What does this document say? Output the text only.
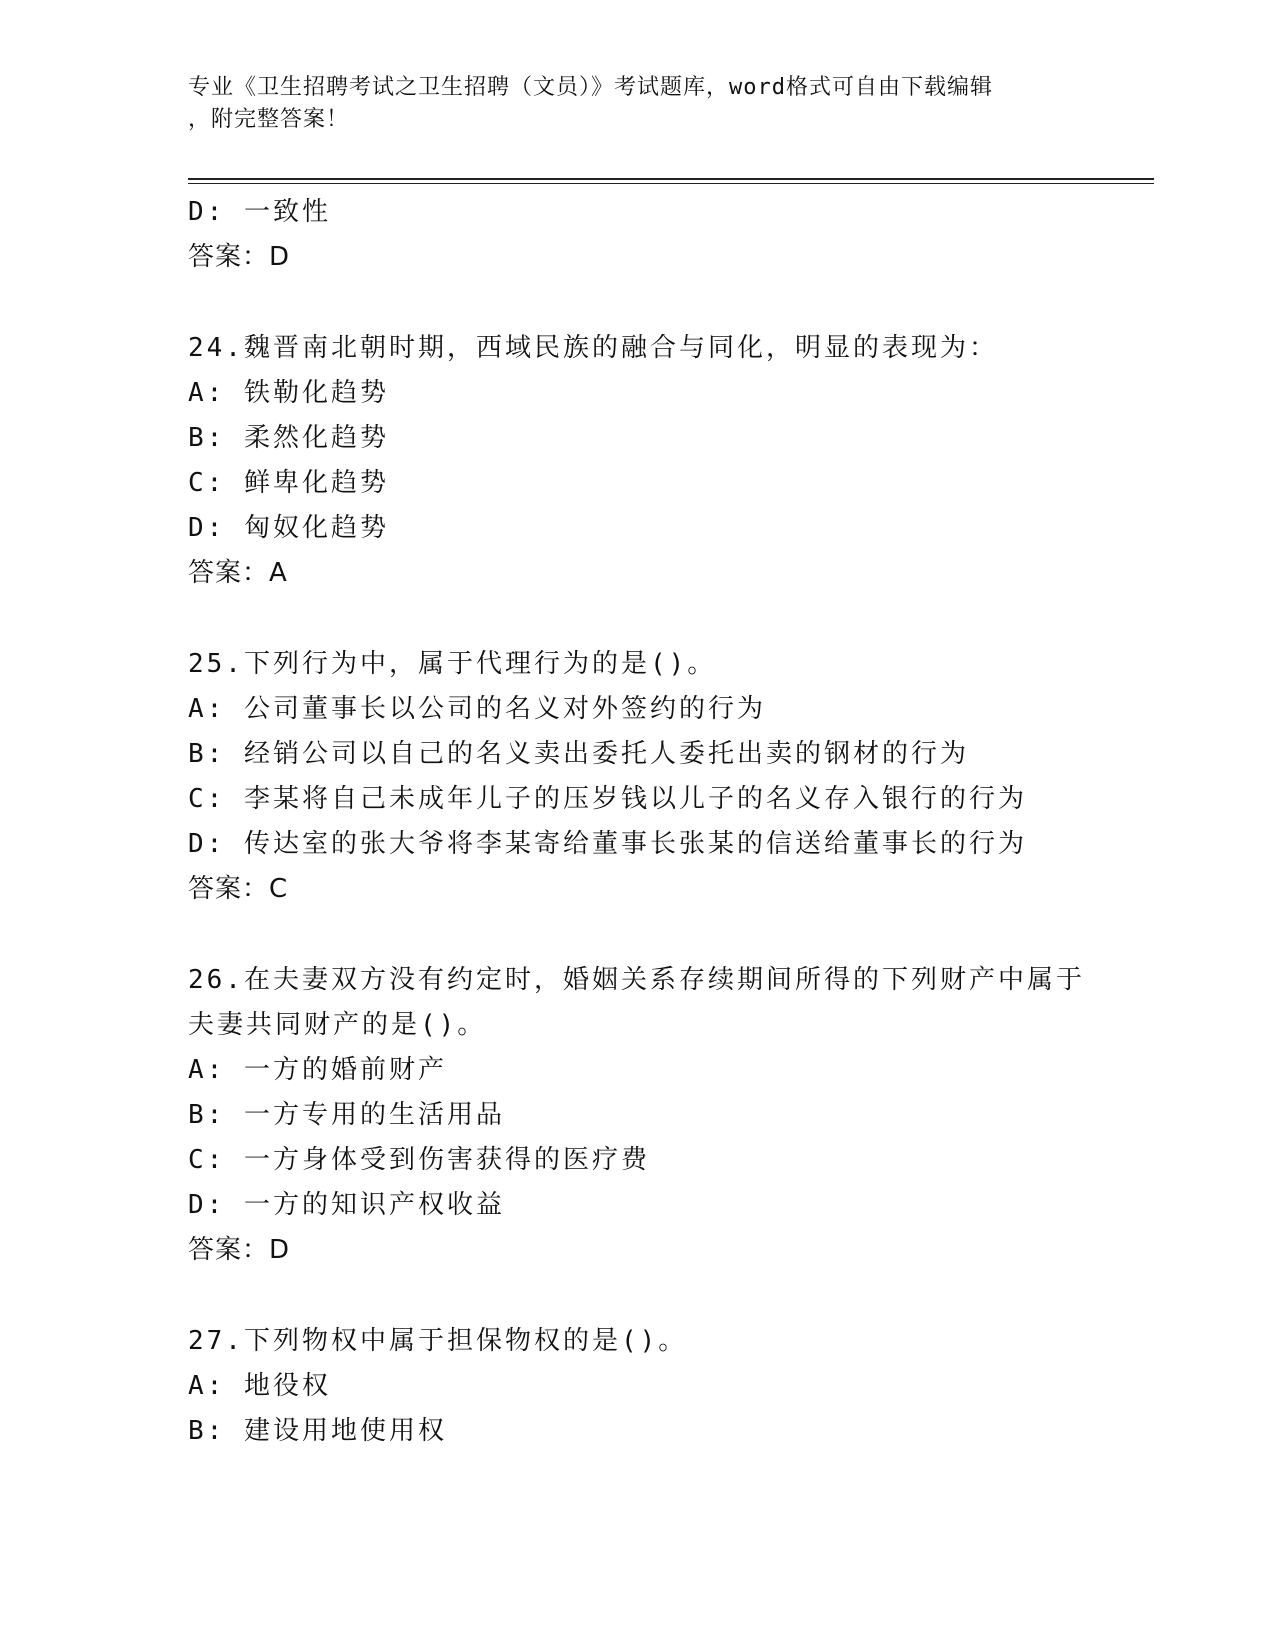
专业《卫生招聘考试之卫生招聘（文员）》考试题库，word格式可自由下载编辑
，附完整答案！
D: 一致性
答案：D
24.魏晋南北朝时期，西域民族的融合与同化，明显的表现为：
A: 铁勒化趋势
B: 柔然化趋势
C: 鲜卑化趋势
D: 匈奴化趋势
答案：A
25.下列行为中，属于代理行为的是()。
A: 公司董事长以公司的名义对外签约的行为
B: 经销公司以自己的名义卖出委托人委托出卖的钢材的行为
C: 李某将自己未成年儿子的压岁钱以儿子的名义存入银行的行为
D: 传达室的张大爷将李某寄给董事长张某的信送给董事长的行为
答案：C
26.在夫妻双方没有约定时，婚姻关系存续期间所得的下列财产中属于
夫妻共同财产的是()。
A: 一方的婚前财产
B: 一方专用的生活用品
C: 一方身体受到伤害获得的医疗费
D: 一方的知识产权收益
答案：D
27.下列物权中属于担保物权的是()。
A: 地役权
B: 建设用地使用权
